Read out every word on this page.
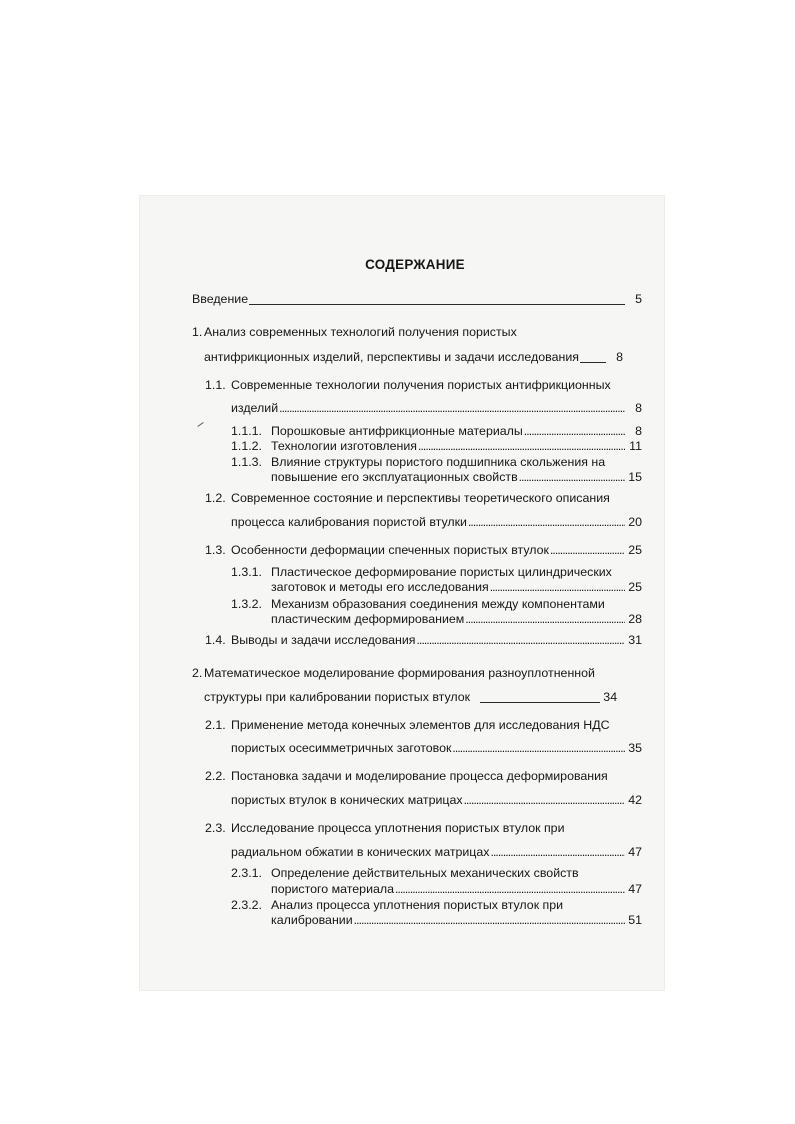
СОДЕРЖАНИЕ
Введение	5
1. Анализ современных технологий получения пористых
антифрикционных изделий, перспективы и задачи исследования	8
1.1. Современные технологии получения пористых антифрикционных
изделий . . .	8
1.1.1. Порошковые антифрикционные материалы . . .	8
1.1.2. Технологии изготовления . . .	11
1.1.3. Влияние структуры пористого подшипника скольжения на
повышение его эксплуатационных свойств . . .	15
1.2. Современное состояние и перспективы теоретического описания
процесса калибрования пористой втулки . . .	20
1.3. Особенности деформации спеченных пористых втулок . . .	25
1.3.1. Пластическое деформирование пористых цилиндрических
заготовок и методы его исследования . . .	25
1.3.2. Механизм образования соединения между компонентами
пластическим деформированием . . .	28
1.4. Выводы и задачи исследования . . .	31
2. Математическое моделирование формирования разноуплотненной
структуры при калибровании пористых втулок	34
2.1. Применение метода конечных элементов для исследования НДС
пористых осесимметричных заготовок . . .	35
2.2. Постановка задачи и моделирование процесса деформирования
пористых втулок в конических матрицах . . .	42
2.3. Исследование процесса уплотнения пористых втулок при
радиальном обжатии в конических матрицах . . .	47
2.3.1. Определение действительных механических свойств
пористого материала . . .	47
2.3.2. Анализ процесса уплотнения пористых втулок при
калибровании . . .	51
